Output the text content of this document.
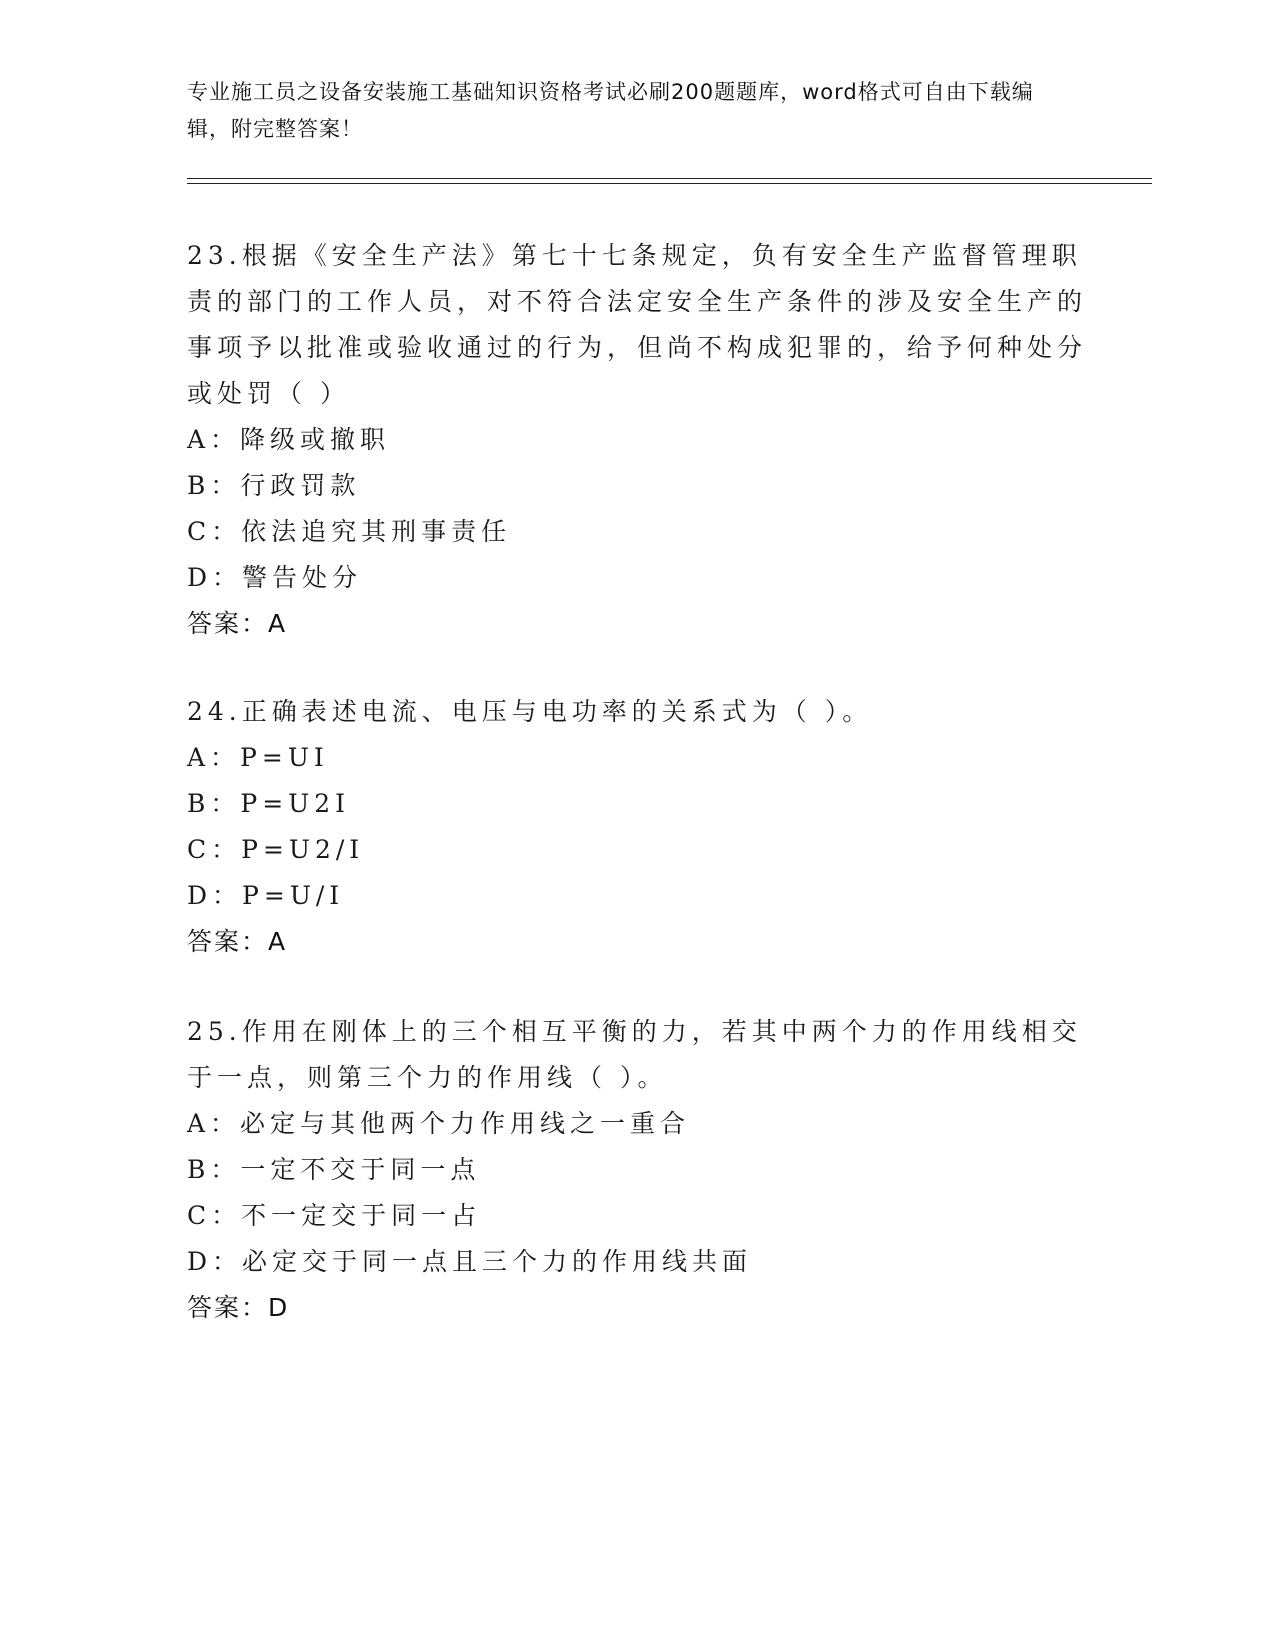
专业施工员之设备安装施工基础知识资格考试必刷200题题库，word格式可自由下载编辑，附完整答案！

23.根据《安全生产法》第七十七条规定，负有安全生产监督管理职责的部门的工作人员，对不符合法定安全生产条件的涉及安全生产的事项予以批准或验收通过的行为，但尚不构成犯罪的，给予何种处分或处罚（ ）

A：降级或撤职

B：行政罚款

C：依法追究其刑事责任

D：警告处分

答案：A

24.正确表述电流、电压与电功率的关系式为（ ）。

A：P=UI

B：P=U2I

C：P=U2/I

D：P=U/I

答案：A

25.作用在刚体上的三个相互平衡的力，若其中两个力的作用线相交于一点，则第三个力的作用线（ ）。

A：必定与其他两个力作用线之一重合

B：一定不交于同一点

C：不一定交于同一占

D：必定交于同一点且三个力的作用线共面

答案：D
